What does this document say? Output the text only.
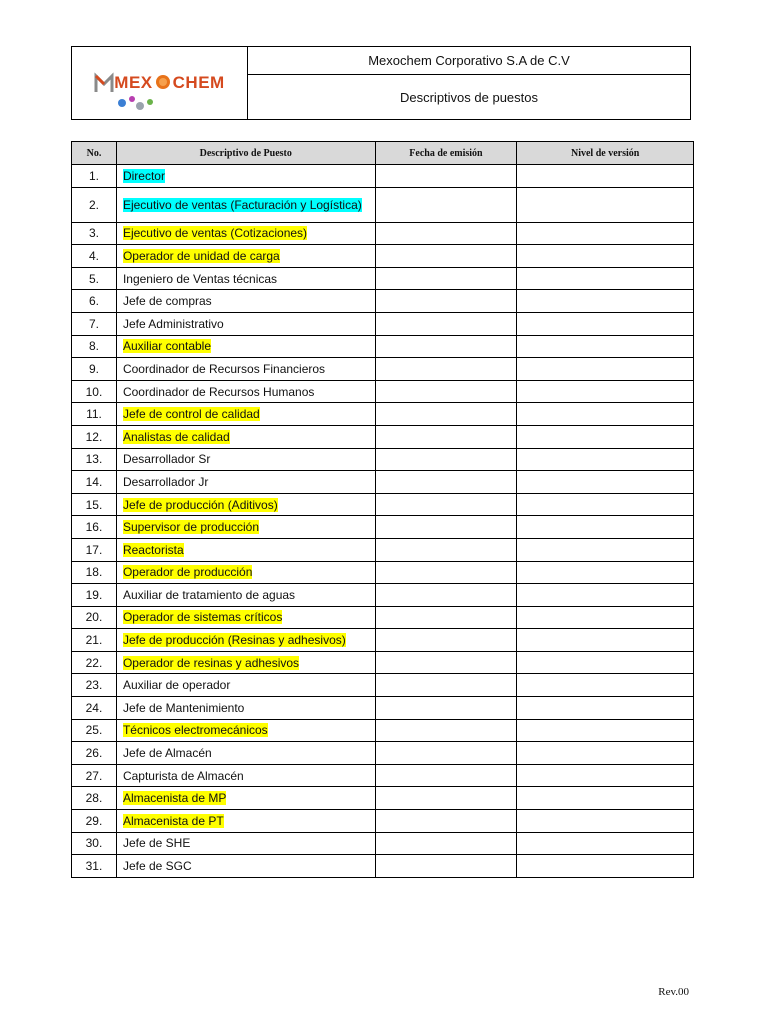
MEX CHEM
Mexochem Corporativo S.A de C.V
Descriptivos de puestos
No.	Descriptivo de Puesto	Fecha de emisión	Nivel de versión
1.	Director		
2.	Ejecutivo de ventas (Facturación y Logística)		
3.	Ejecutivo de ventas (Cotizaciones)		
4.	Operador de unidad de carga		
5.	Ingeniero de Ventas técnicas		
6.	Jefe de compras		
7.	Jefe Administrativo		
8.	Auxiliar contable		
9.	Coordinador de Recursos Financieros		
10.	Coordinador de Recursos Humanos		
11.	Jefe de control de calidad		
12.	Analistas de calidad		
13.	Desarrollador Sr		
14.	Desarrollador Jr		
15.	Jefe de producción (Aditivos)		
16.	Supervisor de producción		
17.	Reactorista		
18.	Operador de producción		
19.	Auxiliar de tratamiento de aguas		
20.	Operador de sistemas críticos		
21.	Jefe de producción (Resinas y adhesivos)		
22.	Operador de resinas y adhesivos		
23.	Auxiliar de operador		
24.	Jefe de Mantenimiento		
25.	Técnicos electromecánicos		
26.	Jefe de Almacén		
27.	Capturista de Almacén		
28.	Almacenista de MP		
29.	Almacenista de PT		
30.	Jefe de SHE		
31.	Jefe de SGC		
Rev.00
